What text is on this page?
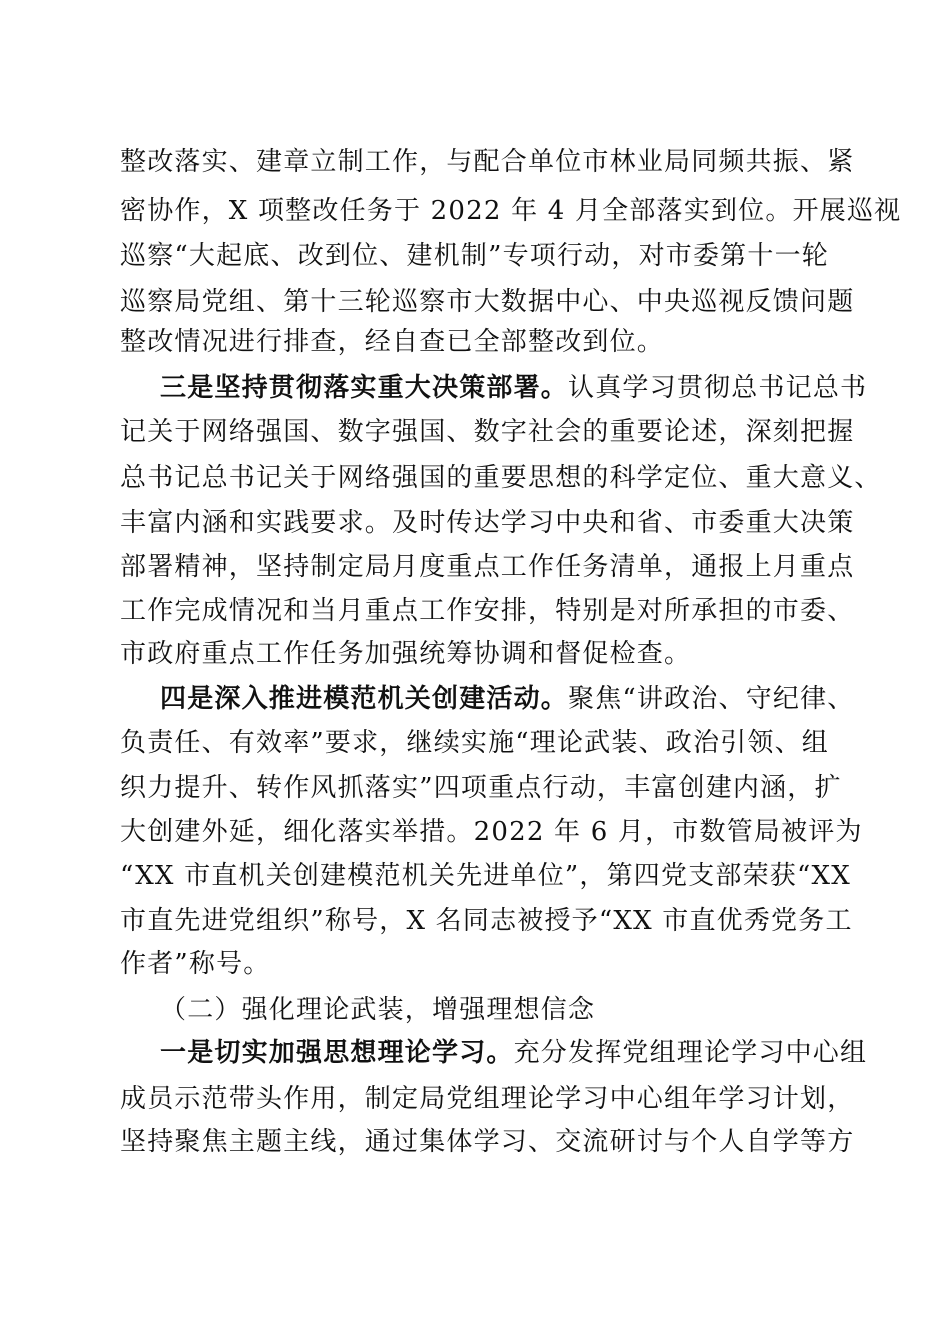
整改落实、建章立制工作，与配合单位市林业局同频共振、紧
密协作，X 项整改任务于 2022 年 4 月全部落实到位。开展巡视
巡察“大起底、改到位、建机制”专项行动，对市委第十一轮
巡察局党组、第十三轮巡察市大数据中心、中央巡视反馈问题
整改情况进行排查，经自查已全部整改到位。
三是坚持贯彻落实重大决策部署。认真学习贯彻总书记总书
记关于网络强国、数字强国、数字社会的重要论述，深刻把握
总书记总书记关于网络强国的重要思想的科学定位、重大意义、
丰富内涵和实践要求。及时传达学习中央和省、市委重大决策
部署精神，坚持制定局月度重点工作任务清单，通报上月重点
工作完成情况和当月重点工作安排，特别是对所承担的市委、
市政府重点工作任务加强统筹协调和督促检查。
四是深入推进模范机关创建活动。聚焦“讲政治、守纪律、
负责任、有效率”要求，继续实施“理论武装、政治引领、组
织力提升、转作风抓落实”四项重点行动，丰富创建内涵，扩
大创建外延，细化落实举措。2022 年 6 月，市数管局被评为
“XX 市直机关创建模范机关先进单位”，第四党支部荣获“XX
市直先进党组织”称号，X 名同志被授予“XX 市直优秀党务工
作者”称号。
（二）强化理论武装，增强理想信念
一是切实加强思想理论学习。充分发挥党组理论学习中心组
成员示范带头作用，制定局党组理论学习中心组年学习计划，
坚持聚焦主题主线，通过集体学习、交流研讨与个人自学等方
